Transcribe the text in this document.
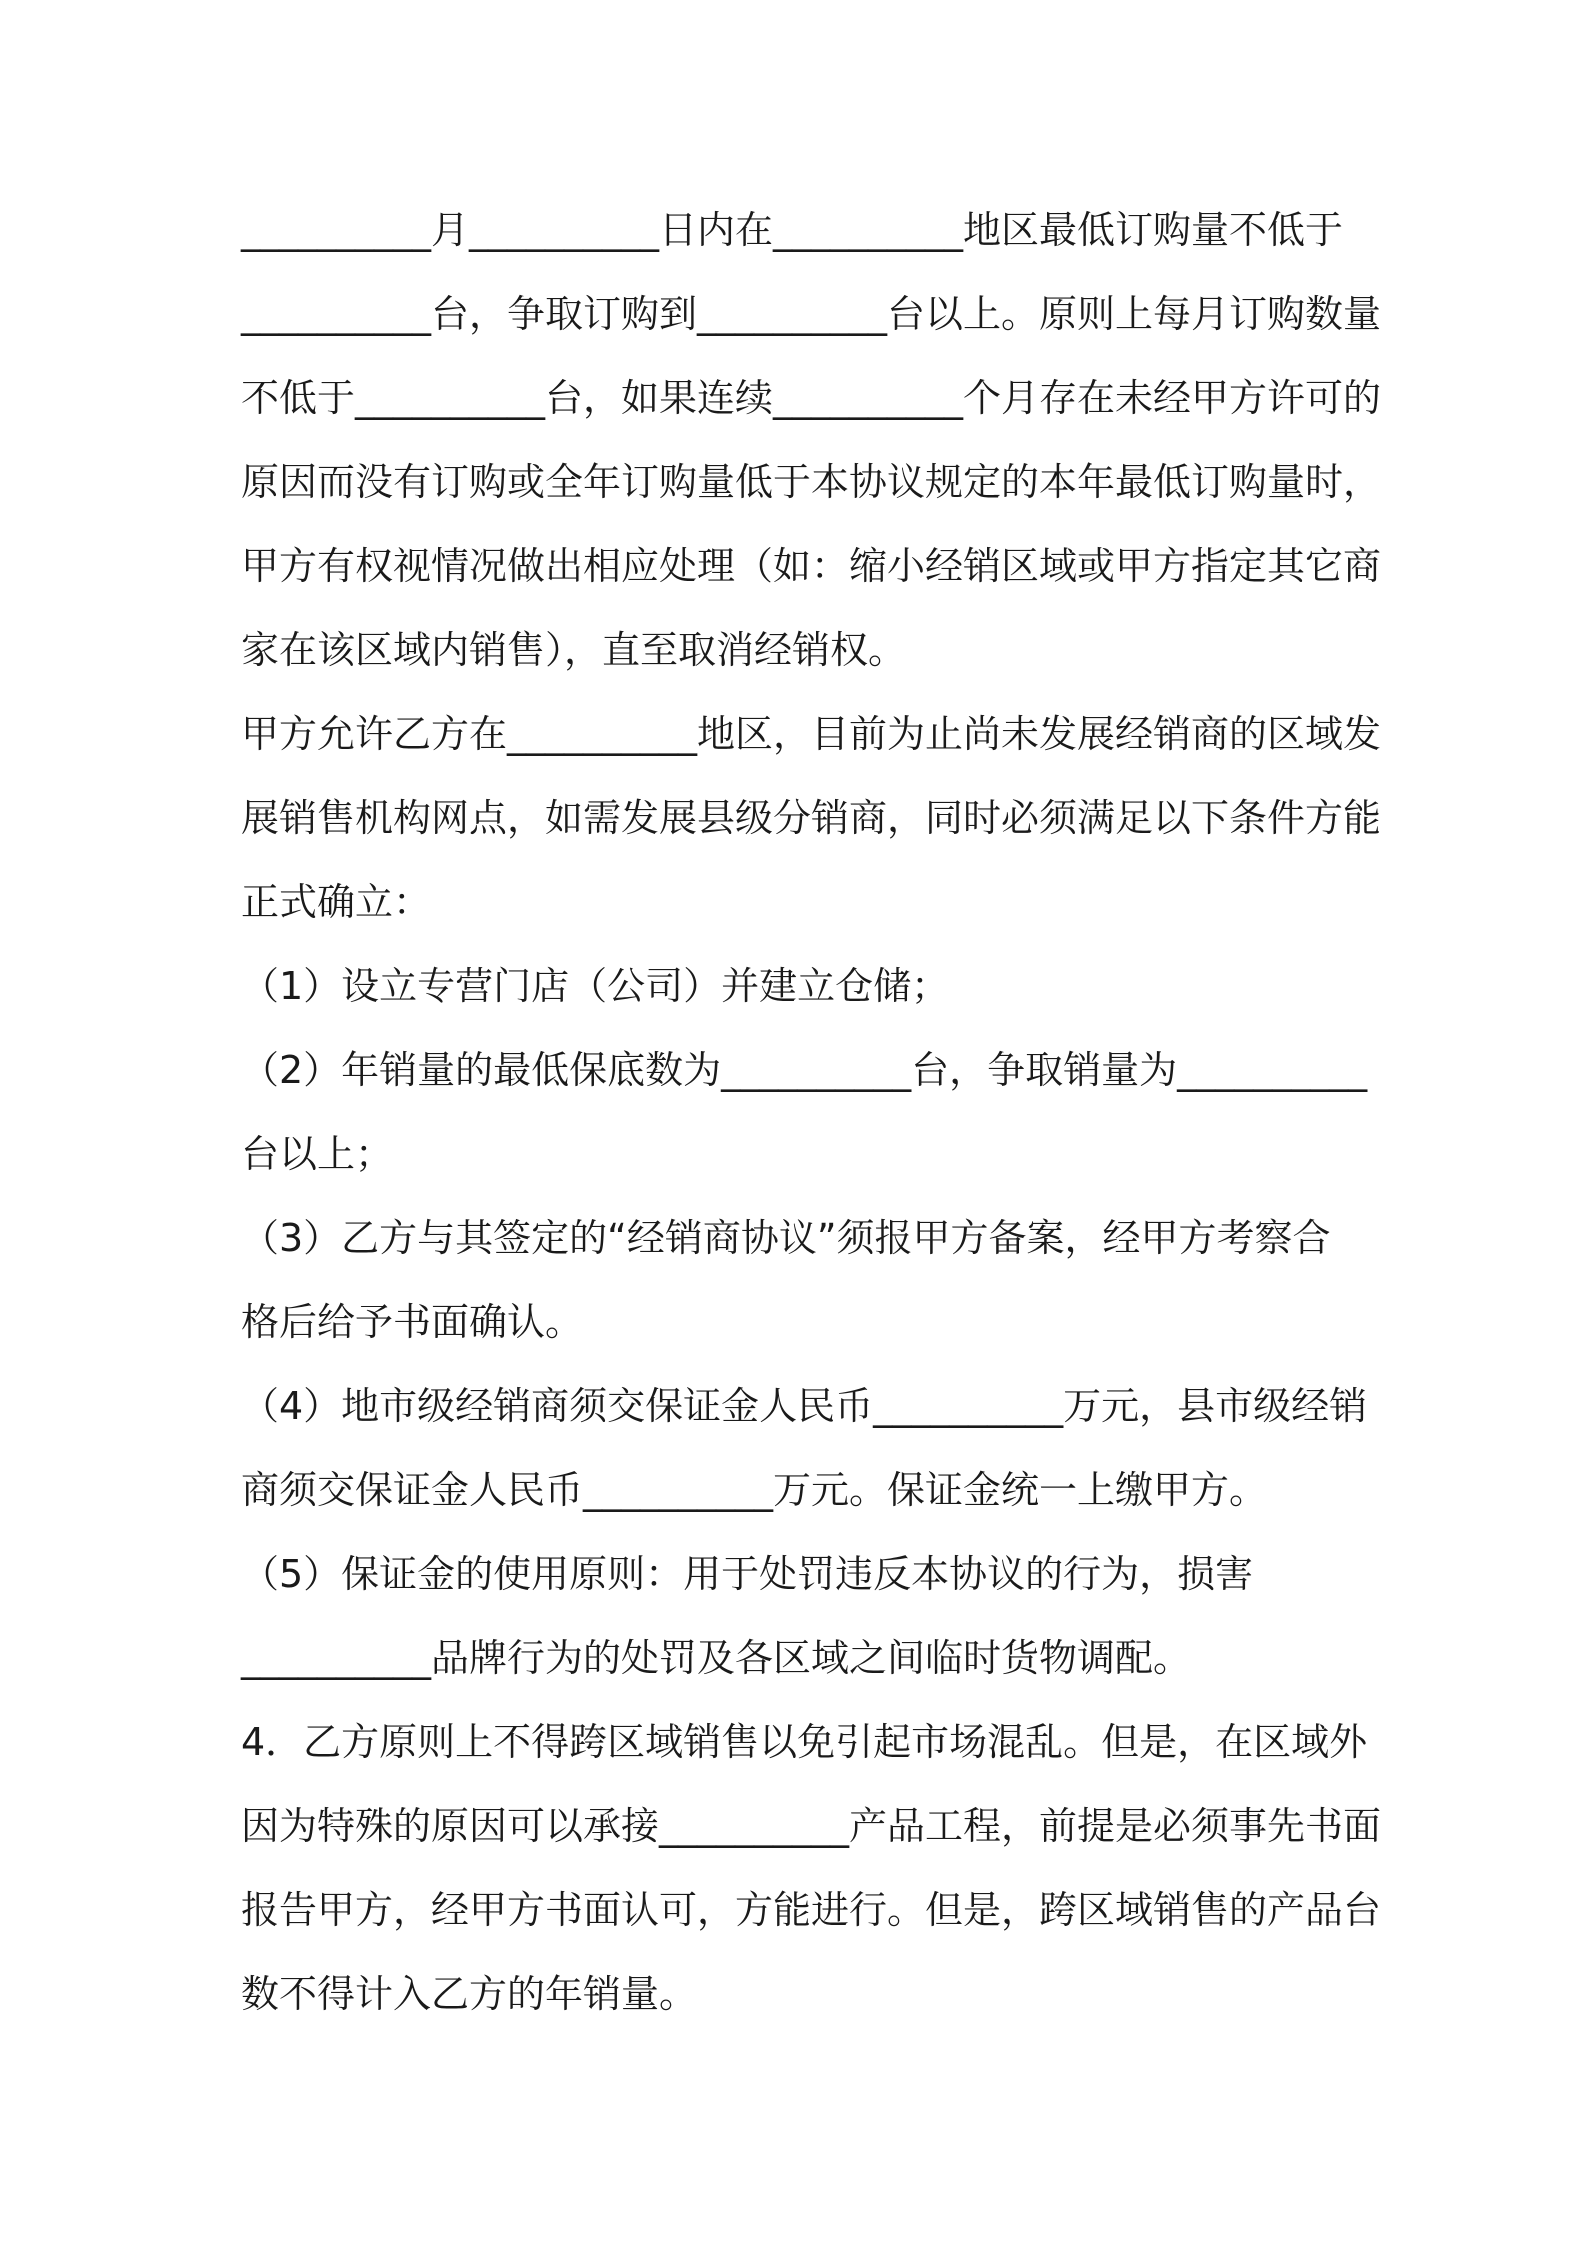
__________月__________日内在__________地区最低订购量不低于
__________台，争取订购到__________台以上。原则上每月订购数量
不低于__________台，如果连续__________个月存在未经甲方许可的
原因而没有订购或全年订购量低于本协议规定的本年最低订购量时，
甲方有权视情况做出相应处理（如：缩小经销区域或甲方指定其它商
家在该区域内销售），直至取消经销权。
甲方允许乙方在__________地区，目前为止尚未发展经销商的区域发
展销售机构网点，如需发展县级分销商，同时必须满足以下条件方能
正式确立：
（1）设立专营门店（公司）并建立仓储；
（2）年销量的最低保底数为__________台，争取销量为__________
台以上；
（3）乙方与其签定的“经销商协议”须报甲方备案，经甲方考察合
格后给予书面确认。
（4）地市级经销商须交保证金人民币__________万元，县市级经销
商须交保证金人民币__________万元。保证金统一上缴甲方。
（5）保证金的使用原则：用于处罚违反本协议的行为，损害
__________品牌行为的处罚及各区域之间临时货物调配。
4．乙方原则上不得跨区域销售以免引起市场混乱。但是，在区域外
因为特殊的原因可以承接__________产品工程，前提是必须事先书面
报告甲方，经甲方书面认可，方能进行。但是，跨区域销售的产品台
数不得计入乙方的年销量。
